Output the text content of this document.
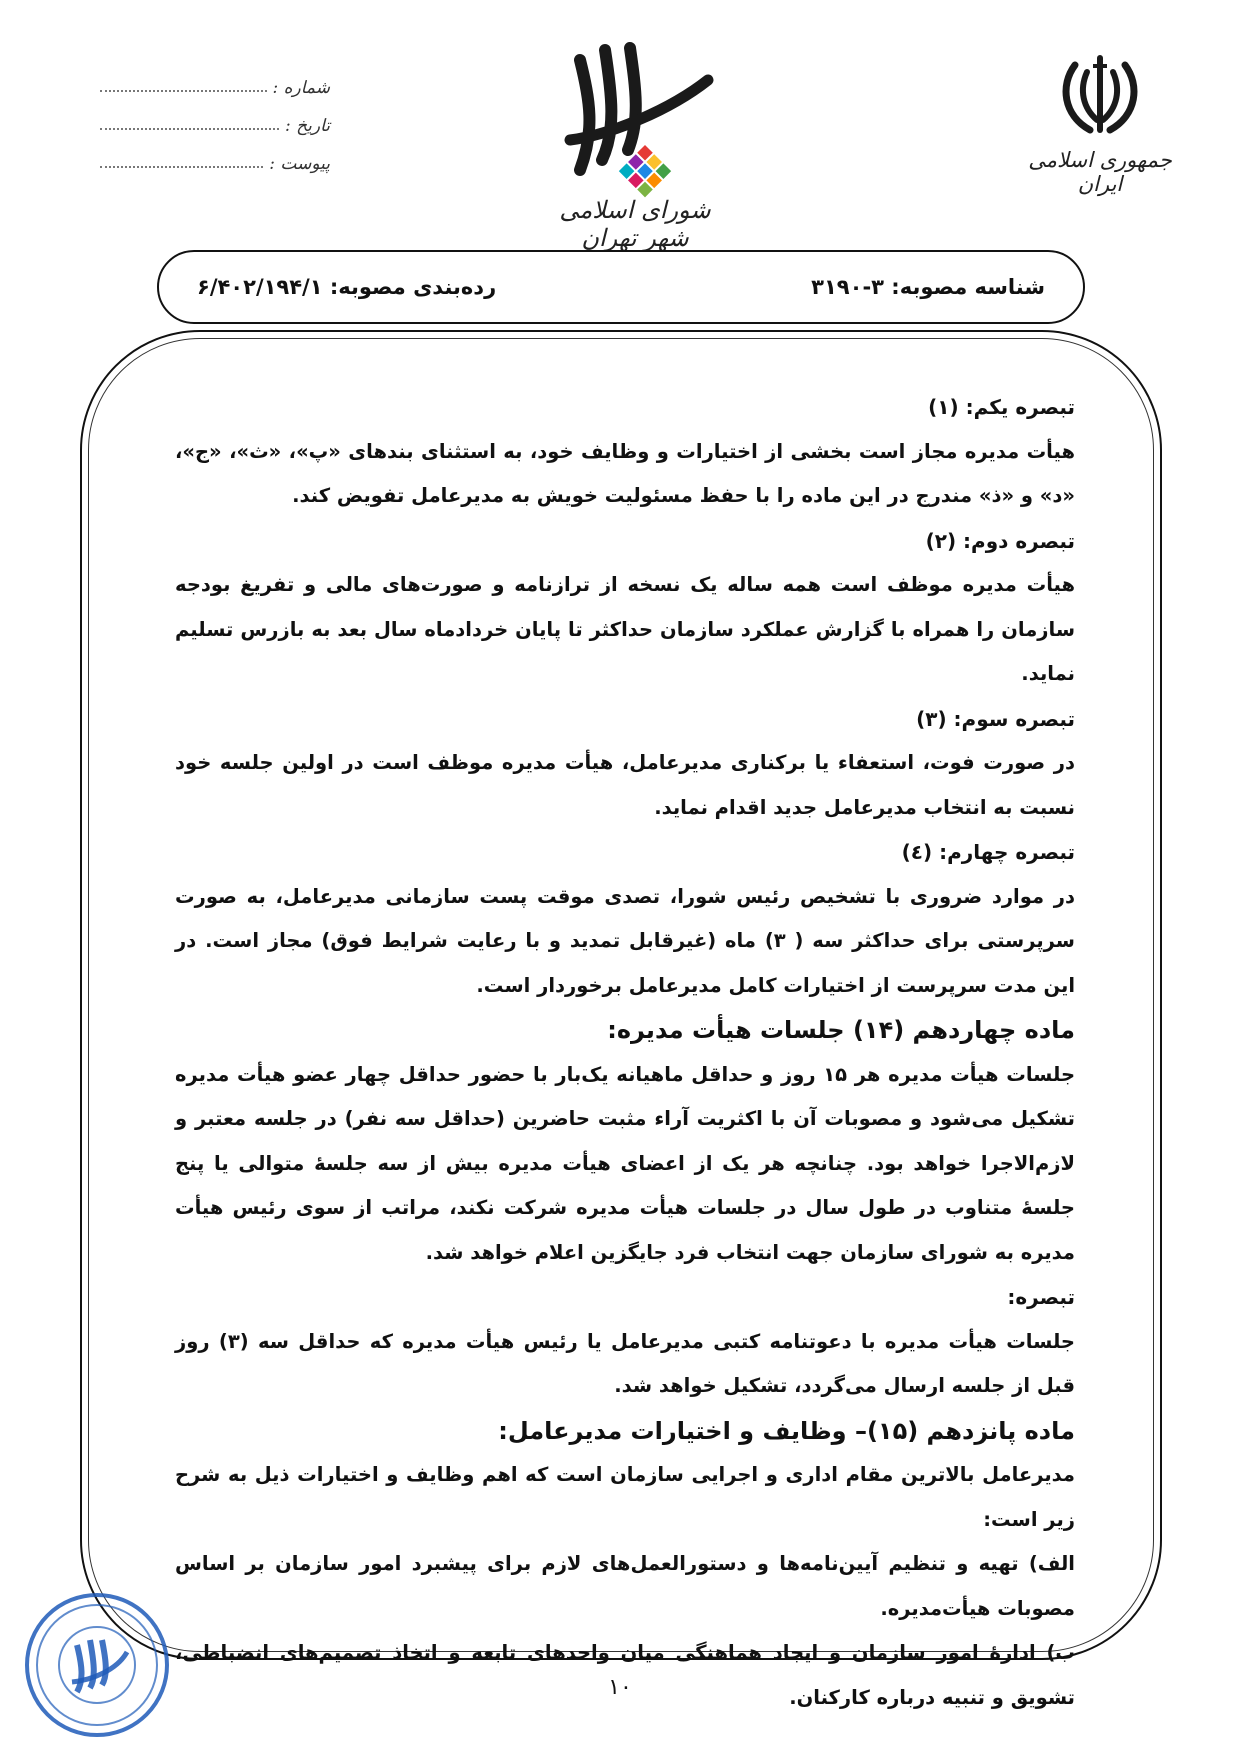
شماره :
تاریخ :
پیوست :
شورای اسلامی شهر تهران
جمهوری اسلامی ایران
شناسه مصوبه: ۳-۳۱۹۰
رده‌بندی مصوبه: ۶/۴۰۲/۱۹۴/۱

تبصره یکم: (۱)

هیأت مدیره مجاز است بخشی از اختیارات و وظایف خود، به استثنای بندهای «پ»، «ث»، «ج»، «د» و «ذ» مندرج در این ماده را با حفظ مسئولیت خویش به مدیرعامل تفویض کند.

تبصره دوم: (۲)

هیأت مدیره موظف است همه ساله یک نسخه از ترازنامه و صورت‌های مالی و تفریغ بودجه سازمان را همراه با گزارش عملکرد سازمان حداکثر تا پایان خردادماه سال بعد به بازرس تسلیم نماید.

تبصره سوم: (۳)

در صورت فوت، استعفاء یا برکناری مدیرعامل، هیأت مدیره موظف است در اولین جلسه خود نسبت به انتخاب مدیرعامل جدید اقدام نماید.

تبصره چهارم: (٤)

در موارد ضروری با تشخیص رئیس شورا، تصدی موقت پست سازمانی مدیرعامل، به صورت سرپرستی برای حداکثر سه ( ۳) ماه (غیرقابل تمدید و با رعایت شرایط فوق) مجاز است. در این مدت سرپرست از اختیارات کامل مدیرعامل برخوردار است.

ماده چهاردهم (۱۴) جلسات هیأت مدیره:

جلسات هیأت مدیره هر ۱۵ روز و حداقل ماهیانه یک‌بار با حضور حداقل چهار عضو هیأت مدیره تشکیل می‌شود و مصوبات آن با اکثریت آراء مثبت حاضرین (حداقل سه نفر) در جلسه معتبر و لازم‌الاجرا خواهد بود. چنانچه هر یک از اعضای هیأت مدیره بیش از سه جلسهٔ متوالی یا پنج جلسهٔ متناوب در طول سال در جلسات هیأت مدیره شرکت نکند، مراتب از سوی رئیس هیأت مدیره به شورای سازمان جهت انتخاب فرد جایگزین اعلام خواهد شد.

تبصره:

جلسات هیأت مدیره با دعوتنامه کتبی مدیرعامل یا رئیس هیأت مدیره که حداقل سه (۳) روز قبل از جلسه ارسال می‌گردد، تشکیل خواهد شد.

ماده پانزدهم (۱۵)– وظایف و اختیارات مدیرعامل:

مدیرعامل بالاترین مقام اداری و اجرایی سازمان است که اهم وظایف و اختیارات ذیل به شرح زیر است:

الف) تهیه و تنظیم آیین‌نامه‌ها و دستورالعمل‌های لازم برای پیشبرد امور سازمان بر اساس مصوبات هیأت‌مدیره.

ب) ادارهٔ امور سازمان و ایجاد هماهنگی میان واحدهای تابعه و اتخاذ تصمیم‌های انضباطی، تشویق و تنبیه درباره کارکنان.

۱۰
